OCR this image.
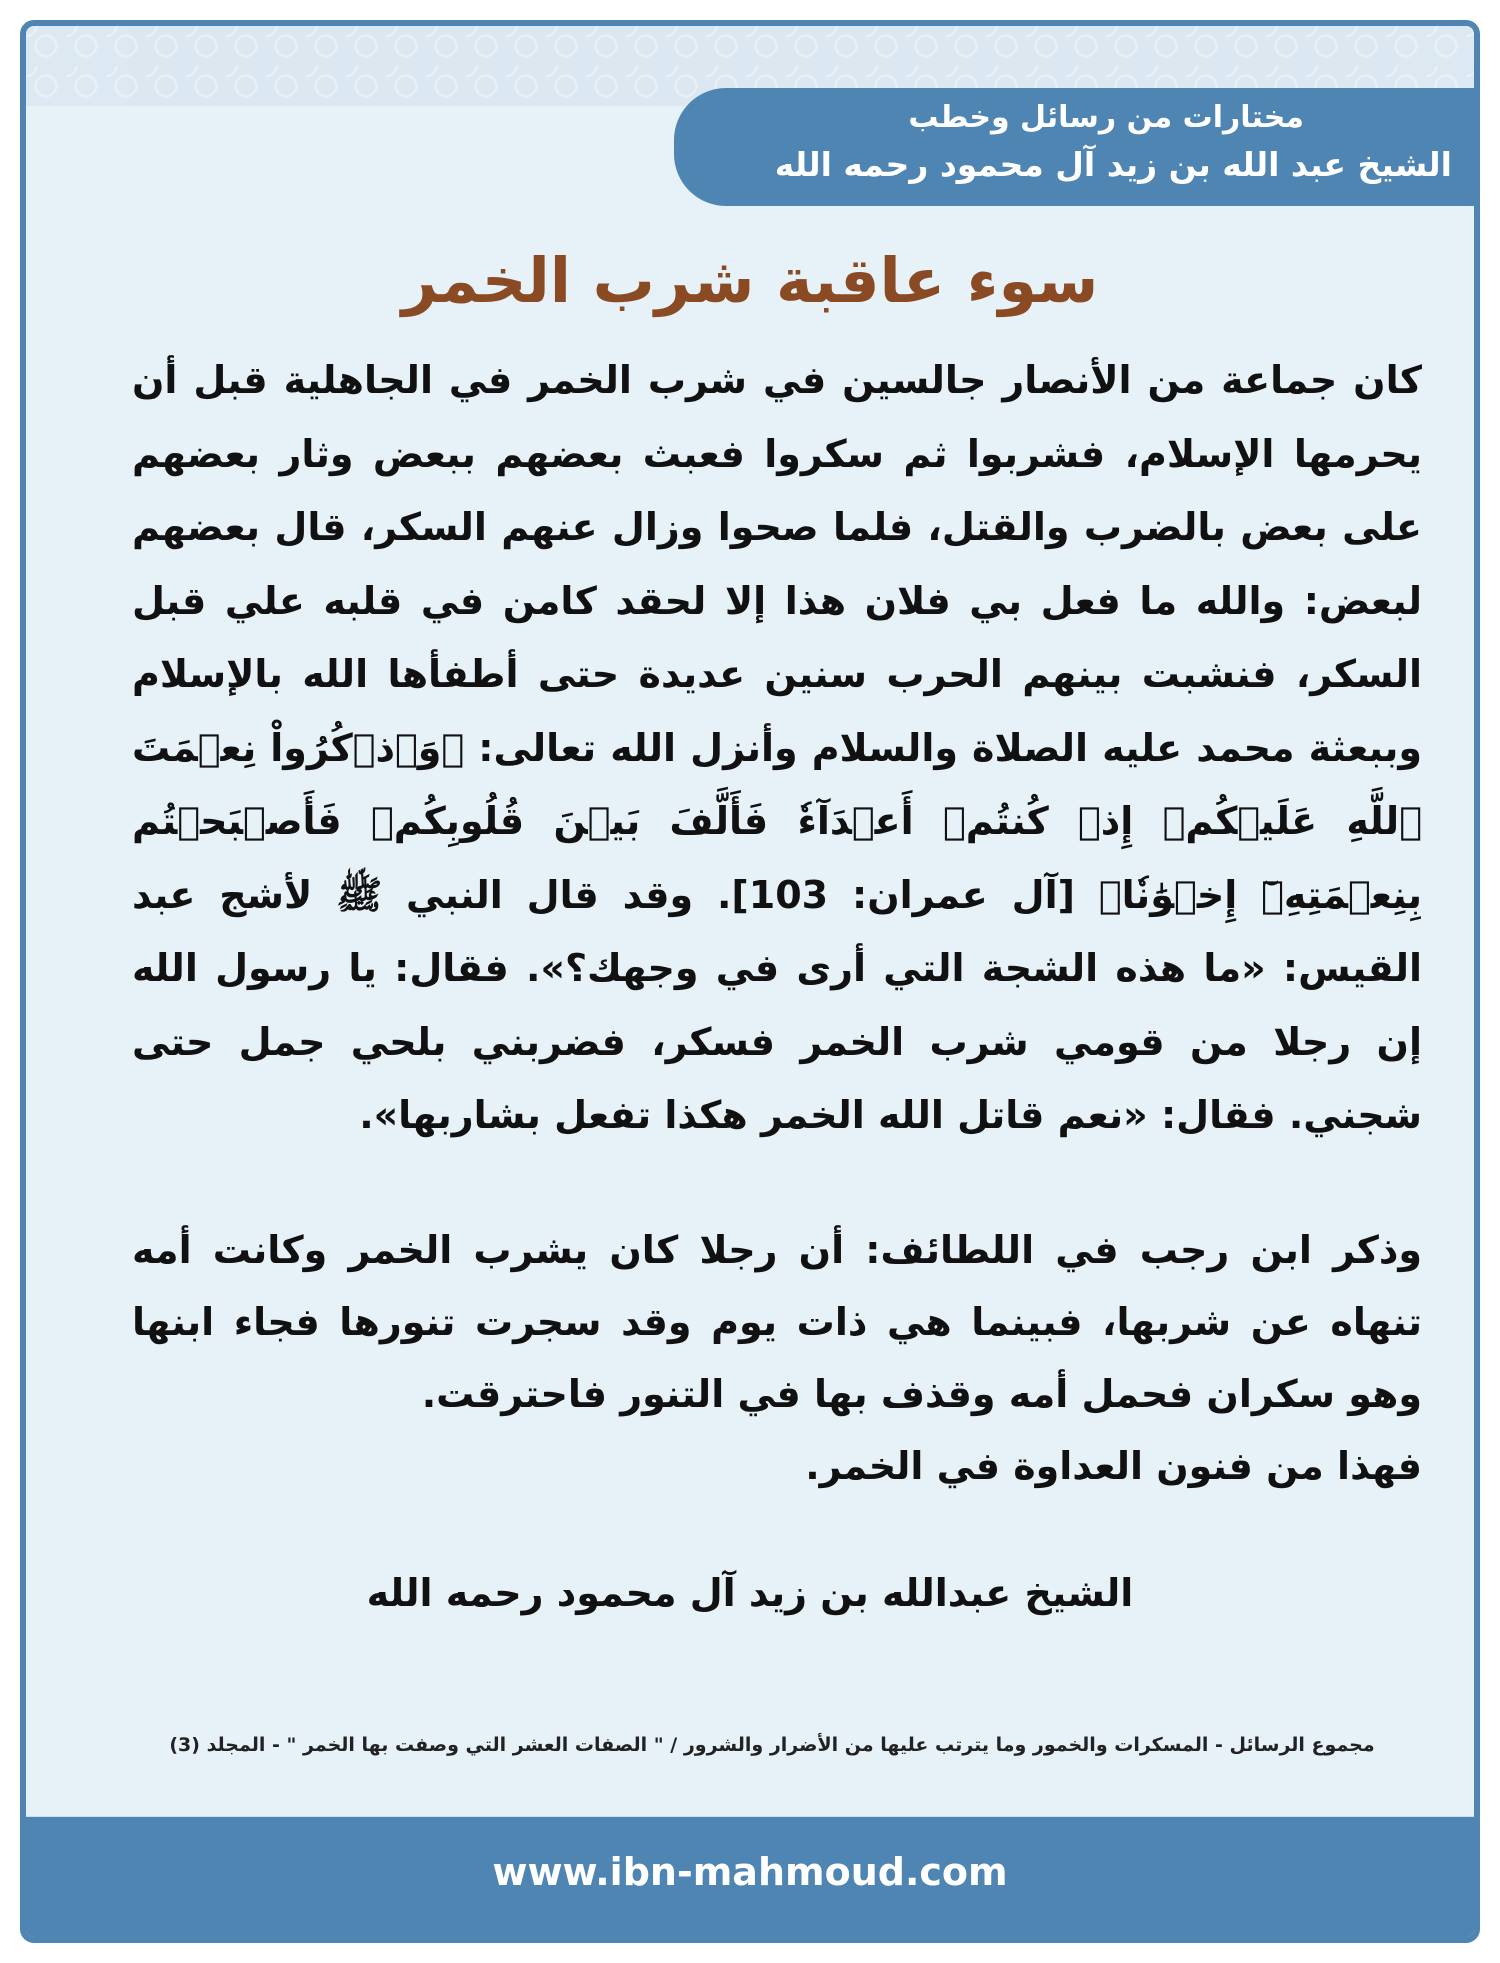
مختارات من رسائل وخطب
الشيخ عبد الله بن زيد آل محمود رحمه الله
سوء عاقبة شرب الخمر

كان جماعة من الأنصار جالسين في شرب الخمر في الجاهلية قبل أن يحرمها الإسلام، فشربوا ثم سكروا فعبث بعضهم ببعض وثار بعضهم على بعض بالضرب والقتل، فلما صحوا وزال عنهم السكر، قال بعضهم لبعض: والله ما فعل بي فلان هذا إلا لحقد كامن في قلبه علي قبل السكر، فنشبت بينهم الحرب سنين عديدة حتى أطفأها الله بالإسلام وببعثة محمد عليه الصلاة والسلام وأنزل الله تعالى: ﴿وَٱذۡكُرُواْ نِعۡمَتَ ٱللَّهِ عَلَيۡكُمۡ إِذۡ كُنتُمۡ أَعۡدَآءٗ فَأَلَّفَ بَيۡنَ قُلُوبِكُمۡ فَأَصۡبَحۡتُم بِنِعۡمَتِهِۦٓ إِخۡوَٰنٗا﴾ [آل عمران: 103]. وقد قال النبي ﷺ لأشج عبد القيس: «ما هذه الشجة التي أرى في وجهك؟». فقال: يا رسول الله إن رجلا من قومي شرب الخمر فسكر، فضربني بلحي جمل حتى شجني. فقال: «نعم قاتل الله الخمر هكذا تفعل بشاربها».

وذكر ابن رجب في اللطائف: أن رجلا كان يشرب الخمر وكانت أمه تنهاه عن شربها، فبينما هي ذات يوم وقد سجرت تنورها فجاء ابنها وهو سكران فحمل أمه وقذف بها في التنور فاحترقت.

فهذا من فنون العداوة في الخمر.

الشيخ عبدالله بن زيد آل محمود رحمه الله
مجموع الرسائل - المسكرات والخمور وما يترتب عليها من الأضرار والشرور / " الصفات العشر التي وصفت بها الخمر " - المجلد (3)
www.ibn-mahmoud.com
